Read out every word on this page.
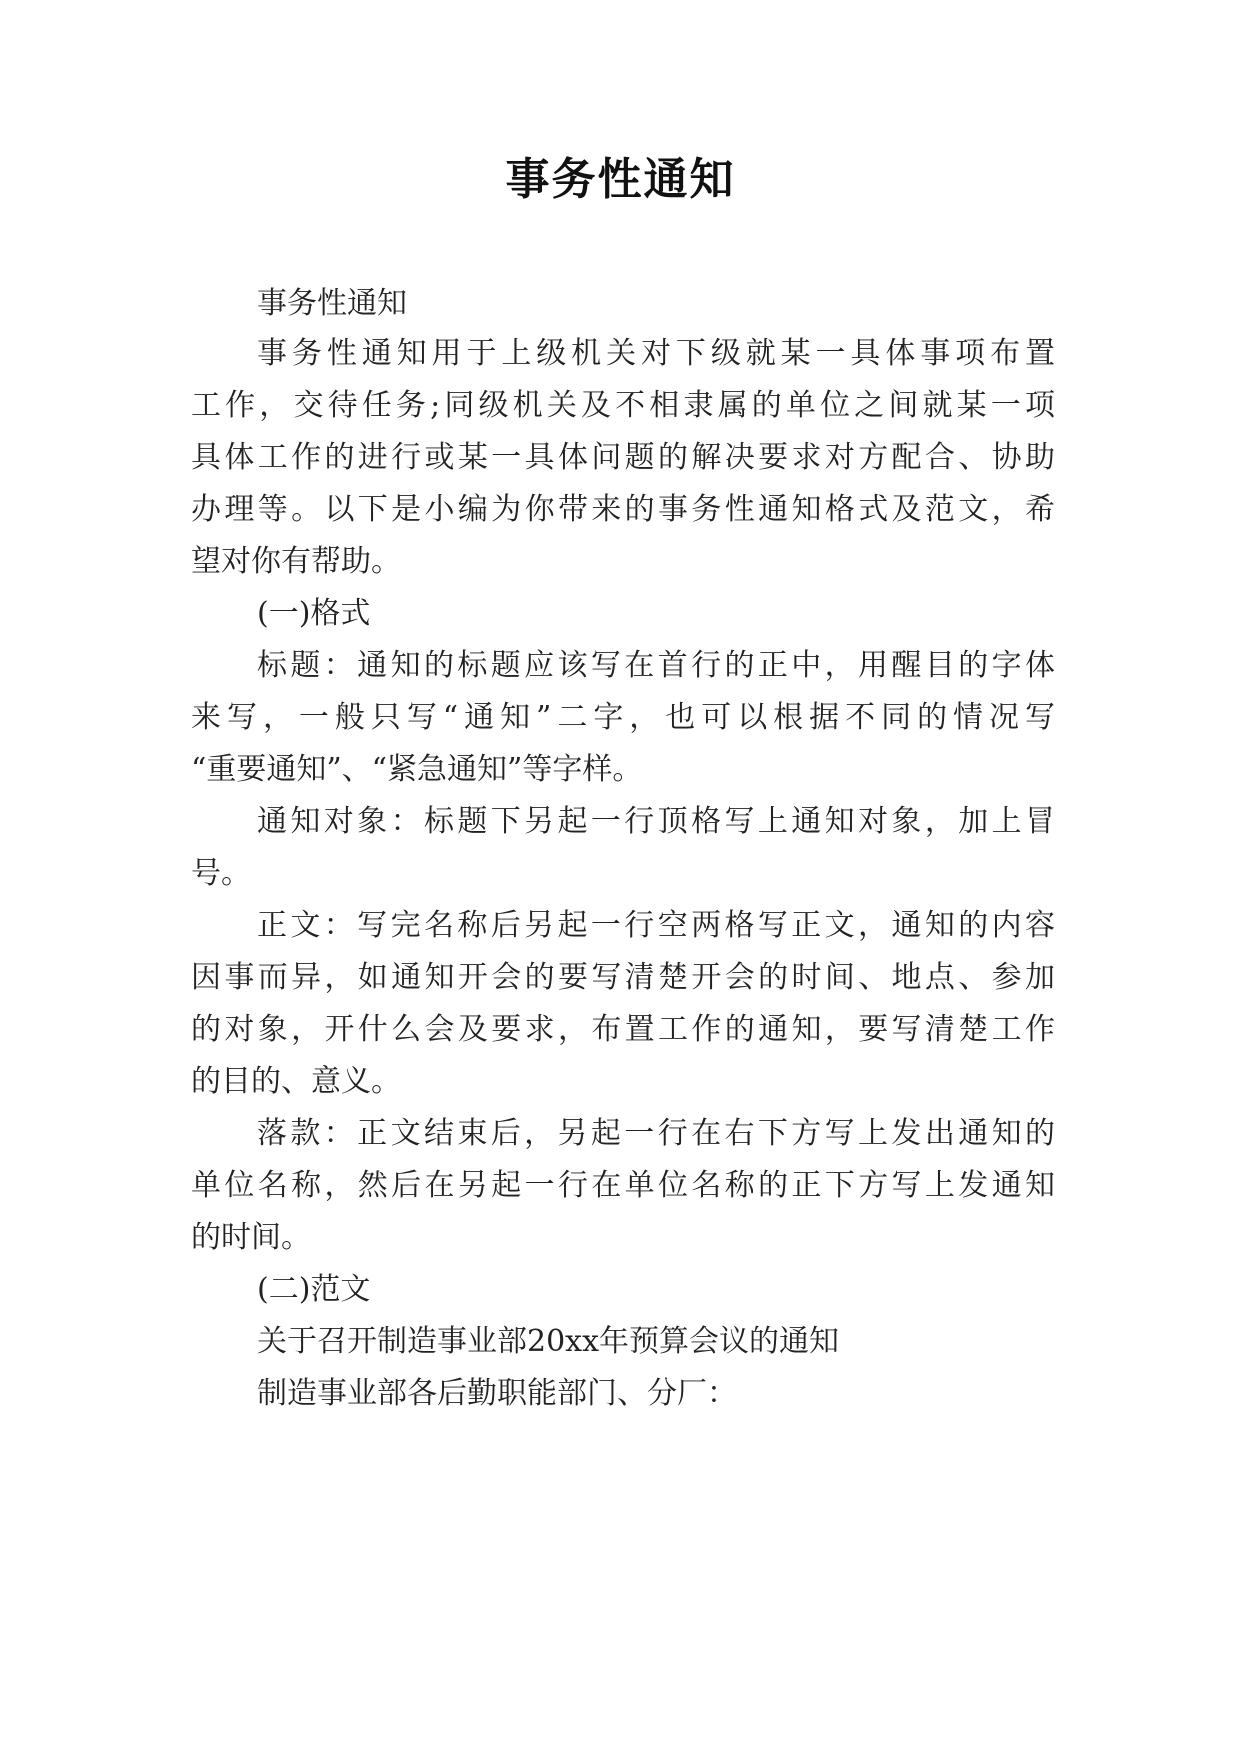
事务性通知
事务性通知
事务性通知用于上级机关对下级就某一具体事项布置
工作，交待任务;同级机关及不相隶属的单位之间就某一项
具体工作的进行或某一具体问题的解决要求对方配合、协助
办理等。以下是小编为你带来的事务性通知格式及范文，希
望对你有帮助。
(一)格式
标题：通知的标题应该写在首行的正中，用醒目的字体
来写，一般只写“通知”二字，也可以根据不同的情况写
“重要通知”、“紧急通知”等字样。
通知对象：标题下另起一行顶格写上通知对象，加上冒
号。
正文：写完名称后另起一行空两格写正文，通知的内容
因事而异，如通知开会的要写清楚开会的时间、地点、参加
的对象，开什么会及要求，布置工作的通知，要写清楚工作
的目的、意义。
落款：正文结束后，另起一行在右下方写上发出通知的
单位名称，然后在另起一行在单位名称的正下方写上发通知
的时间。
(二)范文
关于召开制造事业部20xx年预算会议的通知
制造事业部各后勤职能部门、分厂：
